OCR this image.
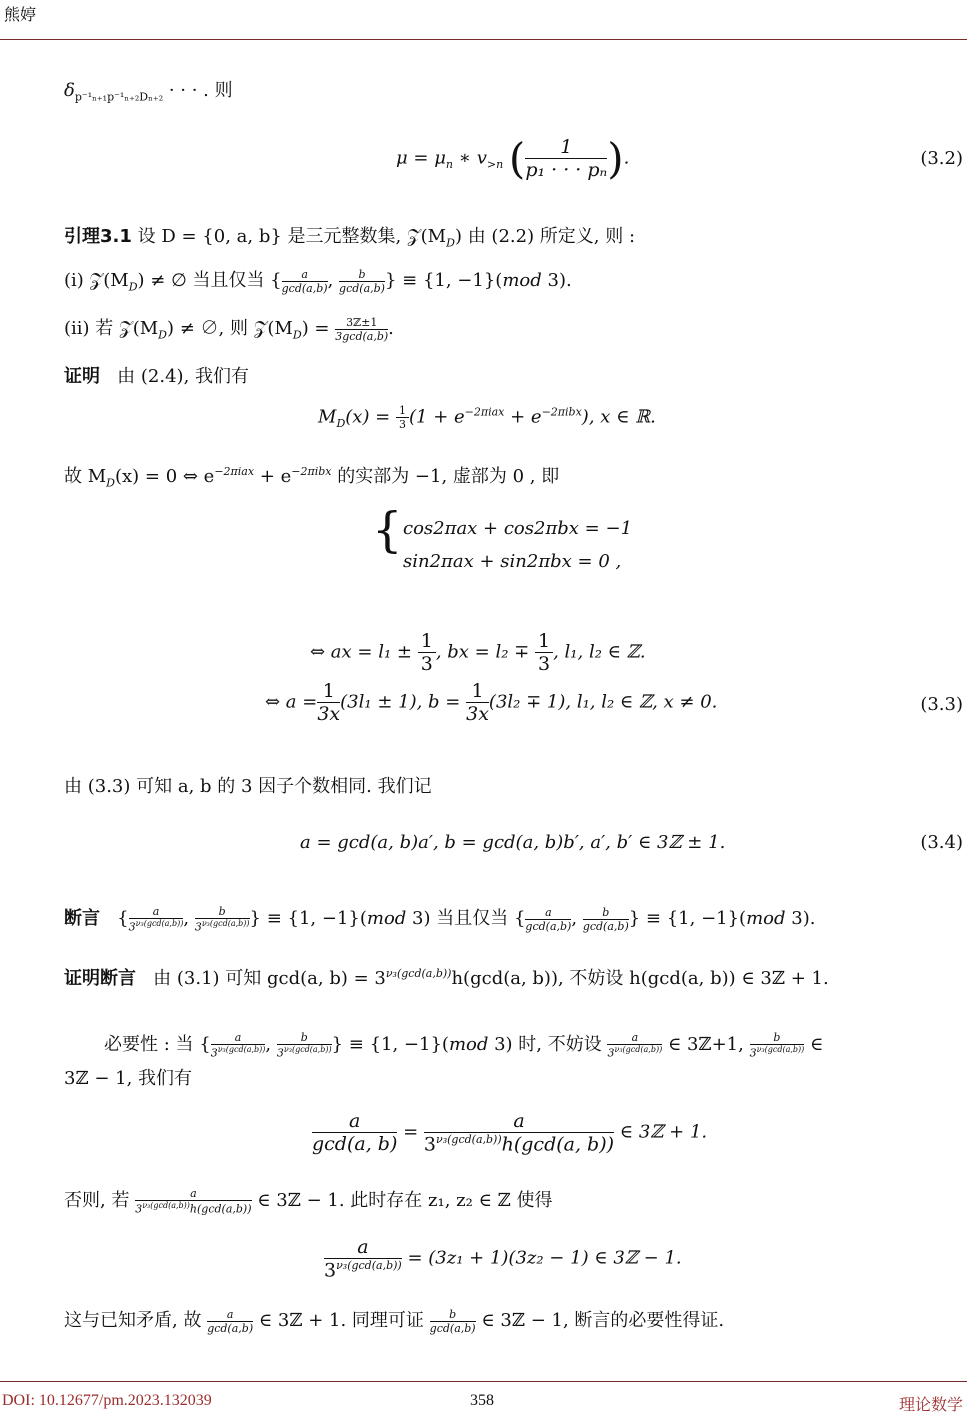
熊婷
$\delta_{p^{-1}_{n+1}p^{-1}_{n+2}D_{n+2}}$ · · · . 则
$\mu = \mu_n$ ∗ $v_{>n}$ ( $\frac{1}{\text{p₁ · · · pₙ}}$ ).	(3.2)
引理3.1 设 D = {0, a, b} 是三元整数集, $𝒵(M_D)$ 由 (2.2) 所定义, 则 :
(i) $𝒵(M_D)$ ≠ ∅ 当且仅当 { $\frac{a}{\gcd(a,b)}$ , $\frac{b}{\gcd(a,b)}$ } ≡ {1, −1}(mod 3).
(ii) 若 $𝒵(M_D)$ ≠ ∅, 则 $𝒵(M_D) = \frac{\text{3ℤ±1}}{3\gcd(a,b)}$ .
证明 由 (2.4), 我们有
$M_D(x) = \frac{1}{3} (1 + e^{-2\pi iax} + e^{-2\pi ibx})$, x ∈ ℝ.
故 $M_D(x) = 0$ ⇔ $e^{-2\pi iax} + e^{-2\pi ibx}$ 的实部为 −1, 虚部为 0 , 即
{ cos2πax + cos2πbx = −1
sin2πax + sin2πbx = 0 ,
⇔ ax = $l_1 \pm \frac{1}{3}$ , bx = $l_2 \mp \frac{1}{3}$ , l₁, l₂ ∈ ℤ.
⇔ $a = \frac{1}{3x} (3l_1 \pm 1)$, $b = \frac{1}{3x} (3l_2 \mp 1)$, l₁, l₂ ∈ ℤ, x ≠ 0.	(3.3)
由 (3.3) 可知 a, b 的 3 因子个数相同. 我们记
a = gcd(a, b)a′, b = gcd(a, b)b′, a′, b′ ∈ 3ℤ ± 1.	(3.4)
断言 { $\frac{a}{3^{\nu_3(gcd(a,b))}}$ , $\frac{b}{3^{\nu_3(gcd(a,b))}}$ } ≡ {1, −1}(mod 3) 当且仅当 { $\frac{a}{\gcd(a,b)}$ , $\frac{b}{\gcd(a,b)}$ } ≡ {1, −1}(mod 3).
证明断言 由 (3.1) 可知 gcd(a, $b) = 3^{\nu_3(gcd(a,b))}h(\gcd(a$, b)), 不妨设 h(gcd(a, b)) ∈ 3ℤ + 1.
必要性 : 当 { $\frac{a}{3^{\nu_3(gcd(a,b))}}$ , $\frac{b}{3^{\nu_3(gcd(a,b))}}$ } ≡ {1, −1}(mod 3) 时, 不妨设 $\frac{a}{3^{\nu_3(gcd(a,b))}}$ ∈ 3ℤ+1, $\frac{b}{3^{\nu_3(gcd(a,b))}}$ ∈
3ℤ − 1, 我们有
$\frac{a}{\gcd(a, b)} = \frac{a}{3^{\nu_3(gcd(a,b))}h(\gcd(a, b))}$ ∈ 3ℤ + 1.
否则, 若 $\frac{a}{3^{\nu_3(gcd(a,b))}h(\gcd(a,b))}$ ∈ 3ℤ − 1. 此时存在 z₁, z₂ ∈ ℤ 使得
$\frac{a}{3^{\nu_3(gcd(a,b))}} = (3z_1 + 1)(3z_2 - 1)$ ∈ 3ℤ − 1.
这与已知矛盾, 故 $\frac{a}{\gcd(a,b)}$ ∈ 3ℤ + 1. 同理可证 $\frac{b}{\gcd(a,b)}$ ∈ 3ℤ − 1, 断言的必要性得证.
DOI: 10.12677/pm.2023.132039	358	理论数学
